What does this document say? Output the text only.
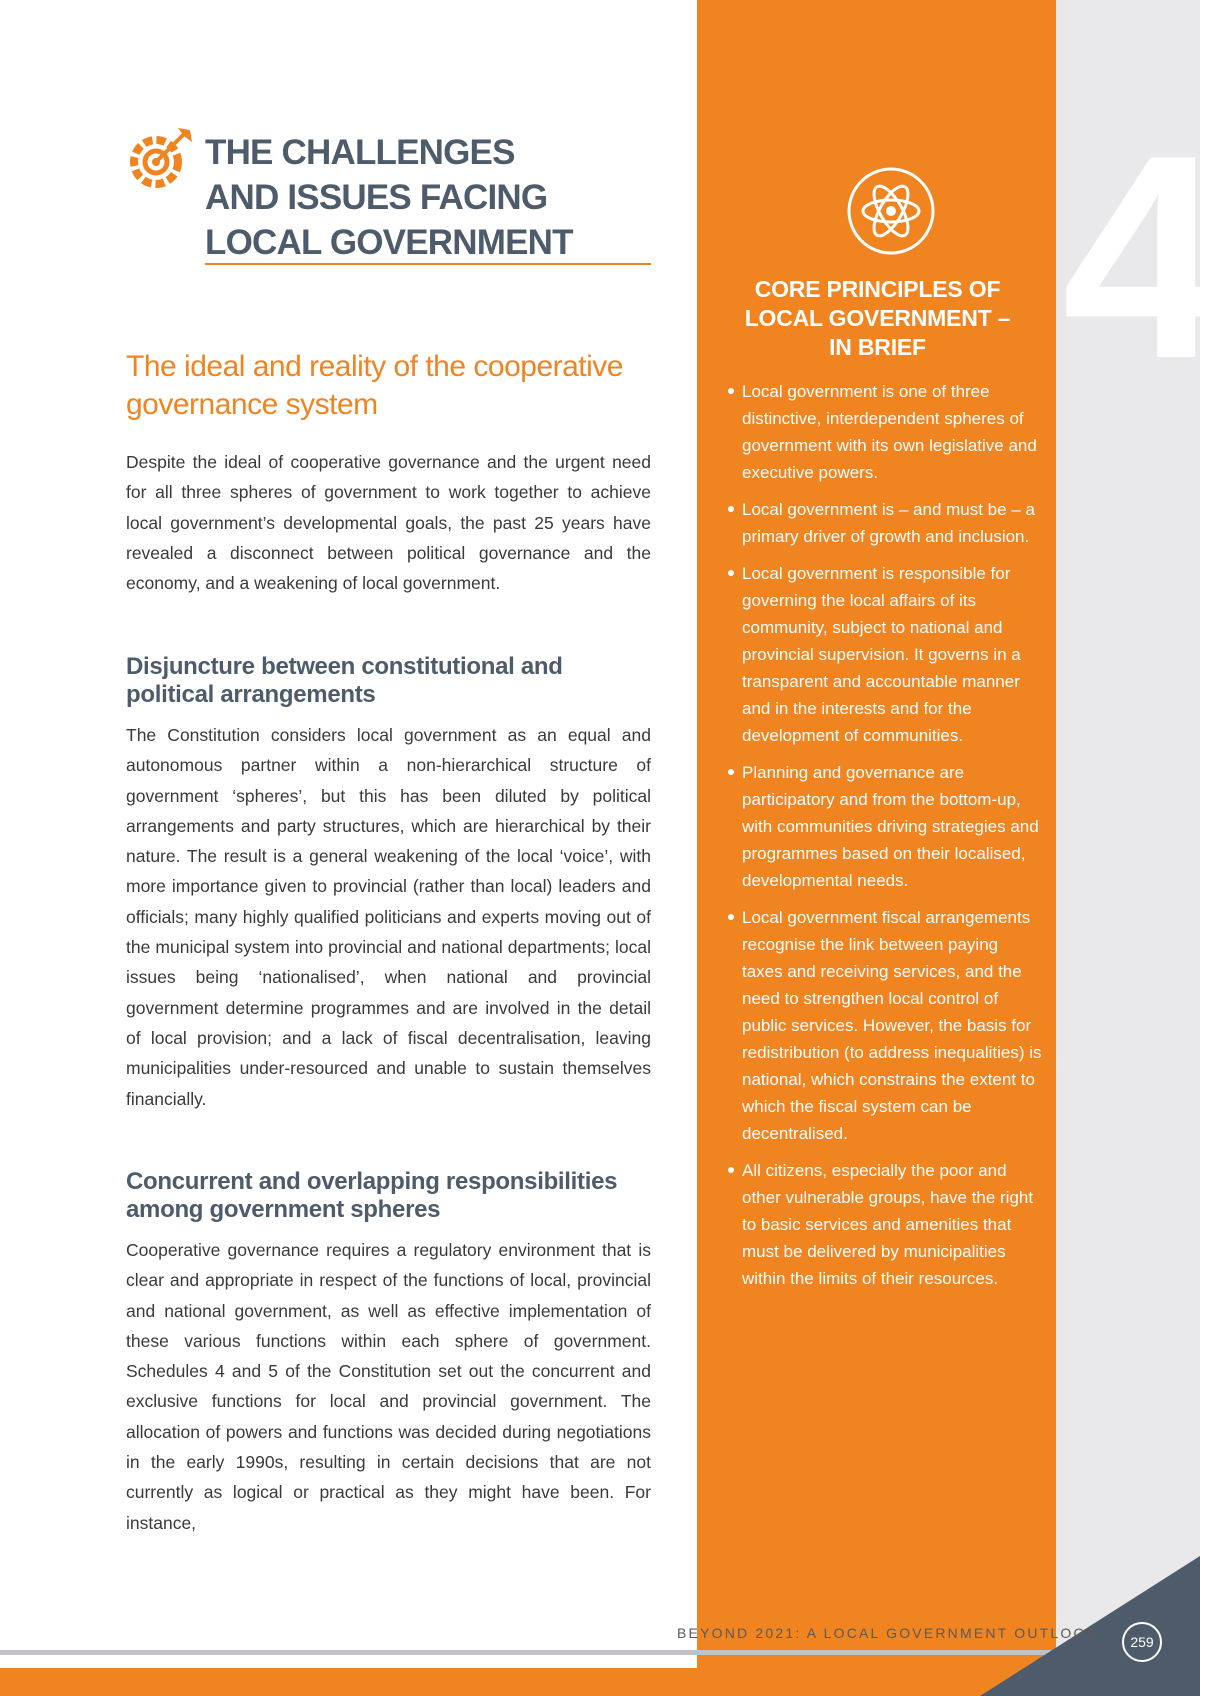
4
THE CHALLENGES
AND ISSUES FACING
LOCAL GOVERNMENT
The ideal and reality of the cooperative
governance system

Despite the ideal of cooperative governance and the urgent need for all three spheres of government to work together to achieve local government’s developmental goals, the past 25 years have revealed a disconnect between political governance and the economy, and a weakening of local government.

Disjuncture between constitutional and political arrangements

The Constitution considers local government as an equal and autonomous partner within a non-hierarchical structure of government ‘spheres’, but this has been diluted by political arrangements and party structures, which are hierarchical by their nature. The result is a general weakening of the local ‘voice’, with more importance given to provincial (rather than local) leaders and officials; many highly qualified politicians and experts moving out of the municipal system into provincial and national departments; local issues being ‘nationalised’, when national and provincial government determine programmes and are involved in the detail of local provision; and a lack of fiscal decentralisation, leaving municipalities under-resourced and unable to sustain themselves financially.

Concurrent and overlapping responsibilities among government spheres

Cooperative governance requires a regulatory environment that is clear and appropriate in respect of the functions of local, provincial and national government, as well as effective implementation of these various functions within each sphere of government. Schedules 4 and 5 of the Constitution set out the concurrent and exclusive functions for local and provincial government. The allocation of powers and functions was decided during negotiations in the early 1990s, resulting in certain decisions that are not currently as logical or practical as they might have been. For instance,

CORE PRINCIPLES OF
LOCAL GOVERNMENT –
IN BRIEF
Local government is one of three distinctive, interdependent spheres of government with its own legislative and executive powers.
Local government is – and must be – a primary driver of growth and inclusion.
Local government is responsible for governing the local affairs of its community, subject to national and provincial supervision. It governs in a transparent and accountable manner and in the interests and for the development of communities.
Planning and governance are participatory and from the bottom-up, with communities driving strategies and programmes based on their localised, developmental needs.
Local government fiscal arrangements recognise the link between paying taxes and receiving services, and the need to strengthen local control of public services. However, the basis for redistribution (to address inequalities) is national, which constrains the extent to which the fiscal system can be decentralised.
All citizens, especially the poor and other vulnerable groups, have the right to basic services and amenities that must be delivered by municipalities within the limits of their resources.
BEYOND 2021: A LOCAL GOVERNMENT OUTLOOK
259
